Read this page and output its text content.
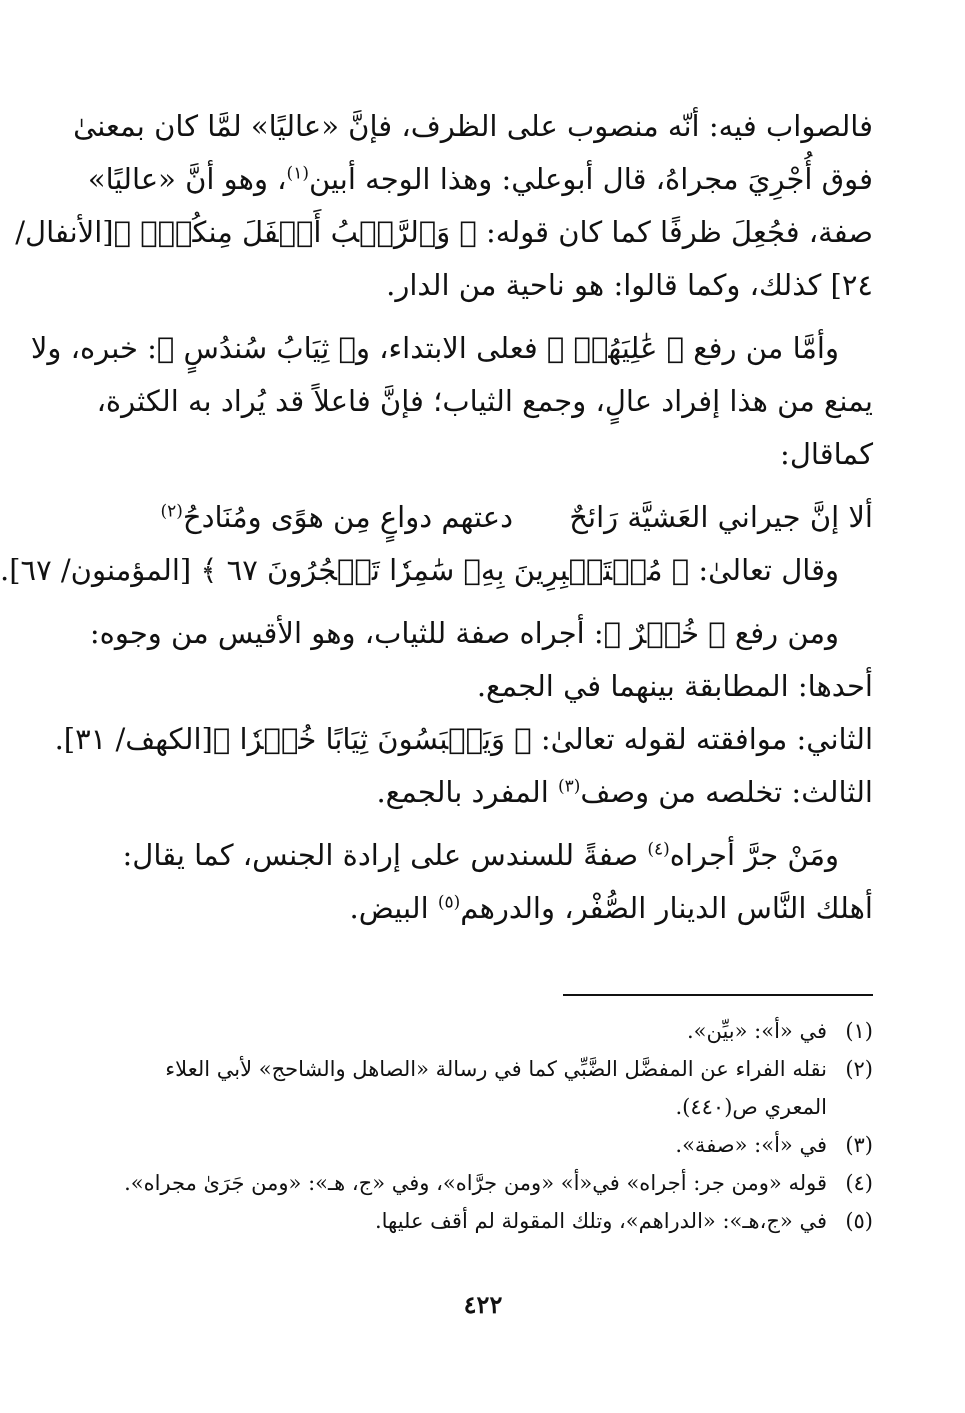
فالصواب فيه: أنّه منصوب على الظرف، فإنَّ «عاليًا» لمَّا كان بمعنىٰ
فوق أُجْرِيَ مجراهُ، قال أبوعلي: وهذا الوجه أبين$^{(١)}$، وهو أنَّ «عاليًا»
صفة، فجُعِلَ ظرفًا كما كان قوله: ﴿ وَٱلرَّكۡبُ أَسۡفَلَ مِنكُمۡۚ ﴾[الأنفال/
٢٤] كذلك، وكما قالوا: هو ناحية من الدار.

وأمَّا من رفع ﴿ عَٰلِيَهُمۡ ﴾ فعلى الابتداء، و﴿ ثِيَابُ سُندُسٍ ﴾: خبره، ولا
يمنع من هذا إفراد عالٍ، وجمع الثياب؛ فإنَّ فاعلاً قد يُراد به الكثرة،
كماقال:

ألا إنَّ جيراني العَشيَّة رَائحٌدعتهم دواعٍ مِن هوًى ومُنَادحُ$^{(٢)}$
وقال تعالىٰ: ﴿ مُسۡتَكۡبِرِينَ بِهِۦ سَٰمِرٗا تَهۡجُرُونَ ٦٧ ﴾ [المؤمنون/ ٦٧].

ومن رفع ﴿ خُضۡرٌ ﴾: أجراه صفة للثياب، وهو الأقيس من وجوه:
أحدها: المطابقة بينهما في الجمع.
الثاني: موافقته لقوله تعالىٰ: ﴿ وَيَلۡبَسُونَ ثِيَابًا خُضۡرٗا ﴾[الكهف/ ٣١].
الثالث: تخلصه من وصف$^{(٣)}$ المفرد بالجمع.

ومَنْ جرَّ أجراه$^{(٤)}$ صفةً للسندس على إرادة الجنس، كما يقال:
أهلك النَّاس الدينار الصُّفْر، والدرهم$^{(٥)}$ البيض.

(١)
في «أ»: «بيِّن».
(٢)
نقله الفراء عن المفضَّل الضَّبِّي كما في رسالة «الصاهل والشاحج» لأبي العلاء
المعري ص(٤٤٠).
(٣)
في «أ»: «صفة».
(٤)
قوله «ومن جر: أجراه» في«أ» «ومن جرَّاه»، وفي «ج، هـ»: «ومن جَرَىٰ مجراه».
(٥)
في «ج،هـ»: «الدراهم»، وتلك المقولة لم أقف عليها.
٤٢٢
